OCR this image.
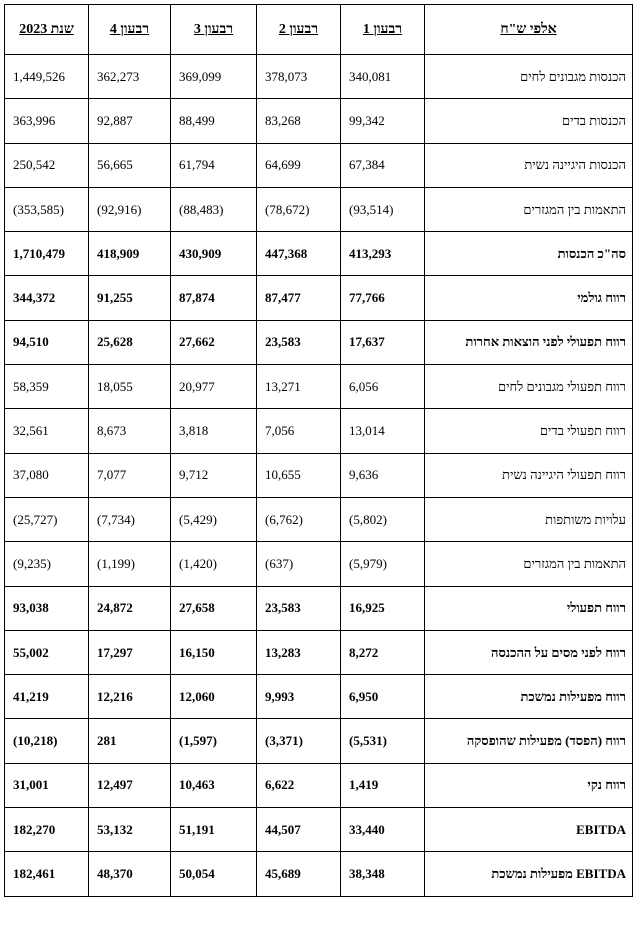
אלפי ש"ח	רבעון 1	רבעון 2	רבעון 3	רבעון 4	שנת 2023
הכנסות מגבונים לחים	340,081	378,073	369,099	362,273	1,449,526
הכנסות בדים	99,342	83,268	88,499	92,887	363,996
הכנסות היגיינה נשית	67,384	64,699	61,794	56,665	250,542
התאמות בין המגזרים	(93,514)	(78,672)	(88,483)	(92,916)	(353,585)
סה"כ הכנסות	413,293	447,368	430,909	418,909	1,710,479
רווח גולמי	77,766	87,477	87,874	91,255	344,372
רווח תפעולי לפני הוצאות אחרות	17,637	23,583	27,662	25,628	94,510
רווח תפעולי מגבונים לחים	6,056	13,271	20,977	18,055	58,359
רווח תפעולי בדים	13,014	7,056	3,818	8,673	32,561
רווח תפעולי היגיינה נשית	9,636	10,655	9,712	7,077	37,080
עלויות משותפות	(5,802)	(6,762)	(5,429)	(7,734)	(25,727)
התאמות בין המגזרים	(5,979)	(637)	(1,420)	(1,199)	(9,235)
רווח תפעולי	16,925	23,583	27,658	24,872	93,038
רווח לפני מסים על ההכנסה	8,272	13,283	16,150	17,297	55,002
רווח מפעילות נמשכת	6,950	9,993	12,060	12,216	41,219
רווח (הפסד) מפעילות שהופסקה	(5,531)	(3,371)	(1,597)	281	(10,218)
רווח נקי	1,419	6,622	10,463	12,497	31,001
EBITDA	33,440	44,507	51,191	53,132	182,270
EBITDA מפעילות נמשכת	38,348	45,689	50,054	48,370	182,461
